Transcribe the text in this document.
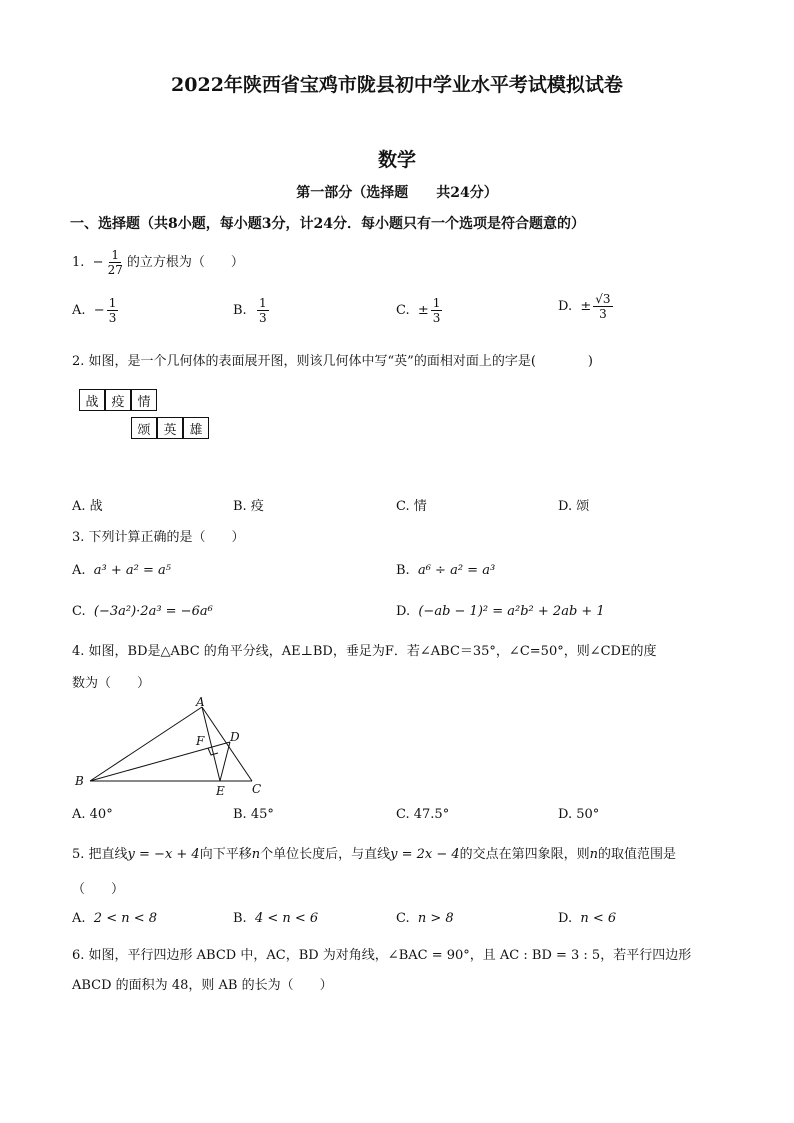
2022年陕西省宝鸡市陇县初中学业水平考试模拟试卷
数学
第一部分（选择题　　共24分）
一、选择题（共8小题，每小题3分，计24分．每小题只有一个选项是符合题意的）
1.  − $\frac{1}{27}$ 的立方根为（　　）
A. − $\frac{1}{3}$	B. $\frac{1}{3}$	C. ± $\frac{1}{3}$	D. ± $\frac{√3}{3}$
2. 如图，是一个几何体的表面展开图，则该几何体中写“英”的面相对面上的字是(　　　　)
战 疫 情
颂 英 雄
A. 战	B. 疫	C. 情	D. 颂
3. 下列计算正确的是（　　）
A. a³ + a² = a⁵	B. a⁶ ÷ a² = a³
C. (−3a²)·2a³ = −6a⁶	D. (−ab − 1)² = a²b² + 2ab + 1
4. 如图，BD是△ABC 的角平分线，AE⊥BD，垂足为F．若∠ABC＝35°，∠C=50°，则∠CDE的度
数为（　　）
A
B
C
D
E
F
A. 40°	B. 45°	C. 47.5°	D. 50°
5. 把直线y = −x + 4向下平移n个单位长度后，与直线y = 2x − 4的交点在第四象限，则n的取值范围是
（　　）
A. 2 < n < 8	B. 4 < n < 6	C. n > 8	D. n < 6
6. 如图，平行四边形 ABCD 中，AC，BD 为对角线，∠BAC = 90°，且 AC : BD = 3 : 5，若平行四边形
ABCD 的面积为 48，则 AB 的长为（　　）
